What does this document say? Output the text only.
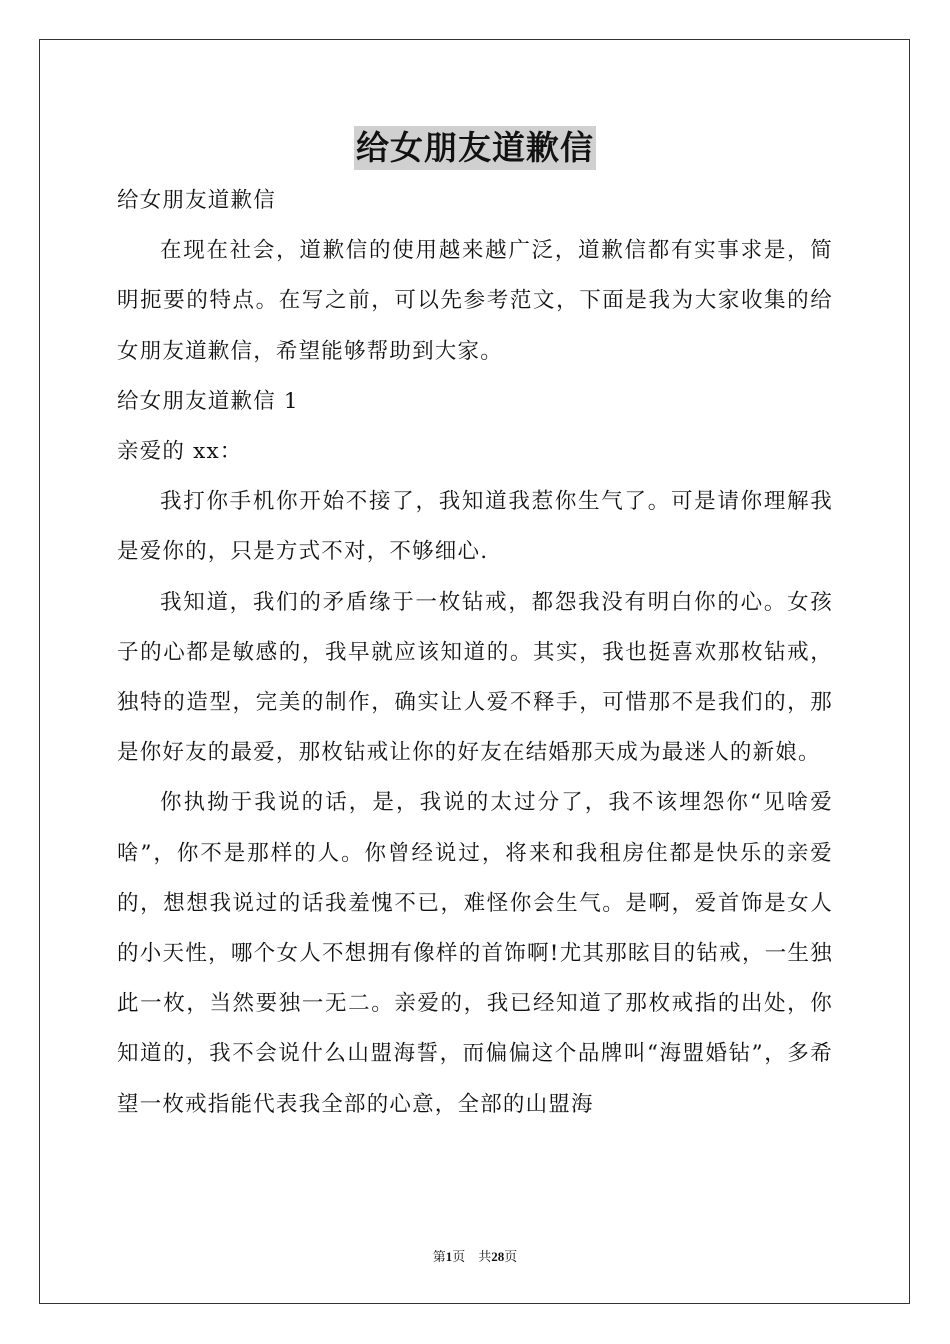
给女朋友道歉信

给女朋友道歉信

在现在社会，道歉信的使用越来越广泛，道歉信都有实事求是，简明扼要的特点。在写之前，可以先参考范文，下面是我为大家收集的给女朋友道歉信，希望能够帮助到大家。

给女朋友道歉信 1

亲爱的 xx：

我打你手机你开始不接了，我知道我惹你生气了。可是请你理解我是爱你的，只是方式不对，不够细心.

我知道，我们的矛盾缘于一枚钻戒，都怨我没有明白你的心。女孩子的心都是敏感的，我早就应该知道的。其实，我也挺喜欢那枚钻戒，独特的造型，完美的制作，确实让人爱不释手，可惜那不是我们的，那是你好友的最爱，那枚钻戒让你的好友在结婚那天成为最迷人的新娘。

你执拗于我说的话，是，我说的太过分了，我不该埋怨你“见啥爱啥”，你不是那样的人。你曾经说过，将来和我租房住都是快乐的亲爱的，想想我说过的话我羞愧不已，难怪你会生气。是啊，爱首饰是女人的小天性，哪个女人不想拥有像样的首饰啊!尤其那眩目的钻戒，一生独此一枚，当然要独一无二。亲爱的，我已经知道了那枚戒指的出处，你知道的，我不会说什么山盟海誓，而偏偏这个品牌叫“海盟婚钻”，多希望一枚戒指能代表我全部的心意，全部的山盟海

第1页　共28页
